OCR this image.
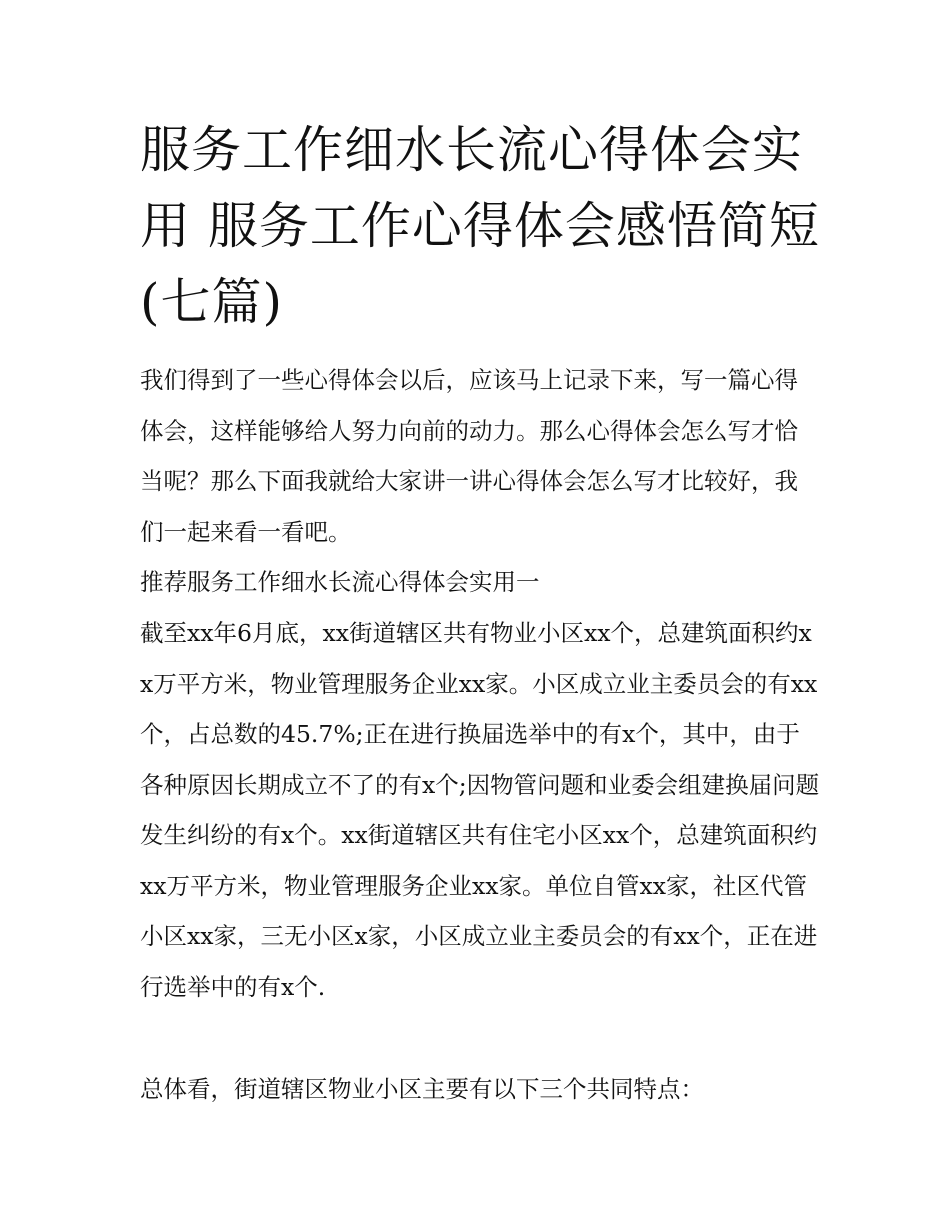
服务工作细水长流心得体会实用 服务工作心得体会感悟简短(七篇)

我们得到了一些心得体会以后，应该马上记录下来，写一篇心得体会，这样能够给人努力向前的动力。那么心得体会怎么写才恰当呢？那么下面我就给大家讲一讲心得体会怎么写才比较好，我们一起来看一看吧。

推荐服务工作细水长流心得体会实用一

截至xx年6月底，xx街道辖区共有物业小区xx个，总建筑面积约xx万平方米，物业管理服务企业xx家。小区成立业主委员会的有xx个，占总数的45.7%;正在进行换届选举中的有x个，其中，由于各种原因长期成立不了的有x个;因物管问题和业委会组建换届问题发生纠纷的有x个。xx街道辖区共有住宅小区xx个，总建筑面积约xx万平方米，物业管理服务企业xx家。单位自管xx家，社区代管小区xx家，三无小区x家，小区成立业主委员会的有xx个，正在进行选举中的有x个.

总体看，街道辖区物业小区主要有以下三个共同特点：
